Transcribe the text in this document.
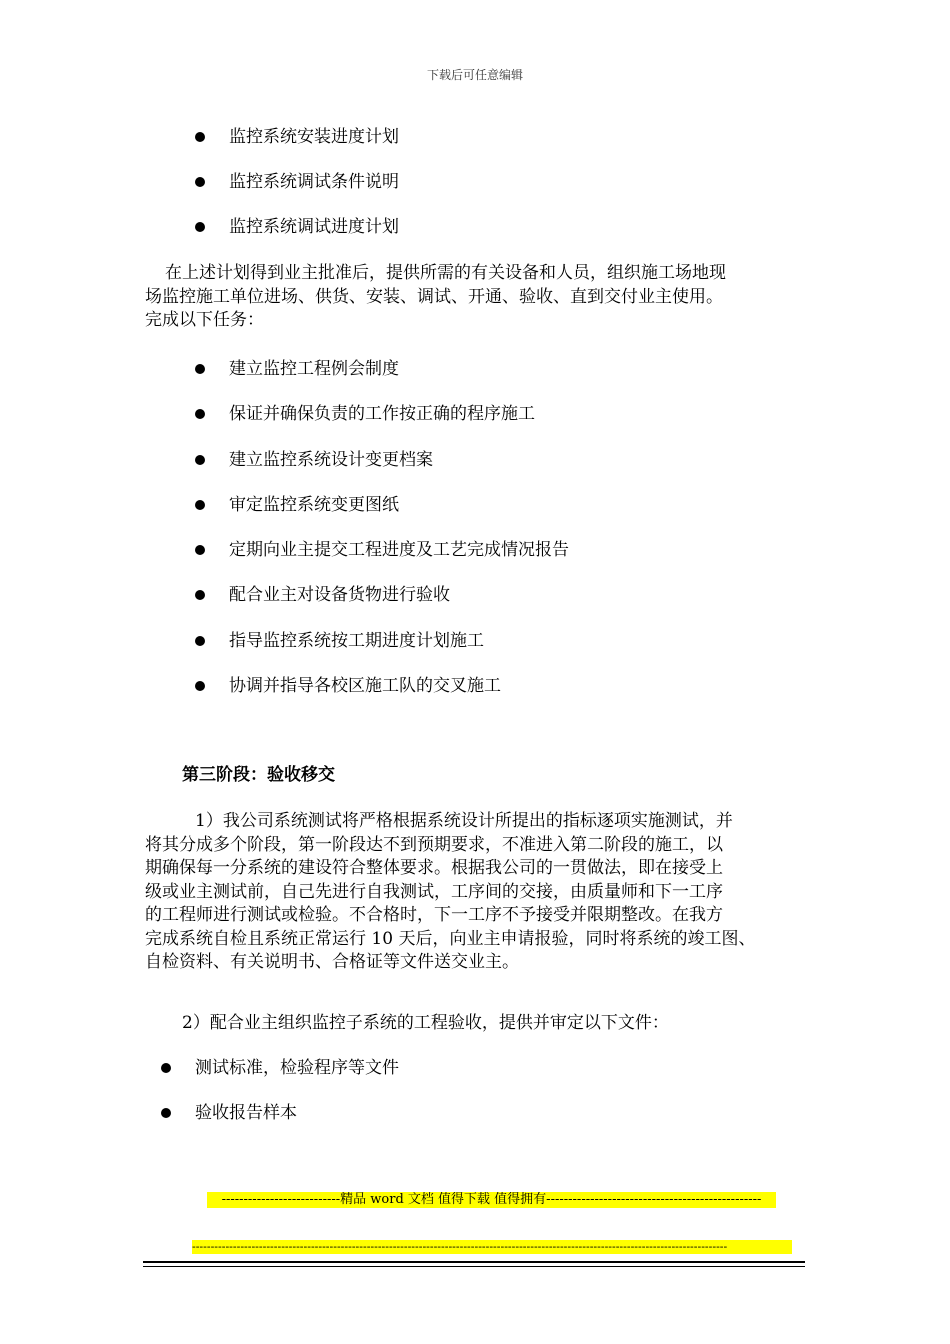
下载后可任意编辑
监控系统安装进度计划
监控系统调试条件说明
监控系统调试进度计划
在上述计划得到业主批准后，提供所需的有关设备和人员，组织施工场地现
场监控施工单位进场、供货、安装、调试、开通、验收、直到交付业主使用。
完成以下任务：
建立监控工程例会制度
保证并确保负责的工作按正确的程序施工
建立监控系统设计变更档案
审定监控系统变更图纸
定期向业主提交工程进度及工艺完成情况报告
配合业主对设备货物进行验收
指导监控系统按工期进度计划施工
协调并指导各校区施工队的交叉施工
第三阶段：验收移交
1）我公司系统测试将严格根据系统设计所提出的指标逐项实施测试，并
将其分成多个阶段，第一阶段达不到预期要求，不准进入第二阶段的施工，以
期确保每一分系统的建设符合整体要求。根据我公司的一贯做法，即在接受上
级或业主测试前，自己先进行自我测试，工序间的交接，由质量师和下一工序
的工程师进行测试或检验。不合格时，下一工序不予接受并限期整改。在我方
完成系统自检且系统正常运行 10 天后，向业主申请报验，同时将系统的竣工图、
自检资料、有关说明书、合格证等文件送交业主。
2）配合业主组织监控子系统的工程验收，提供并审定以下文件：
测试标准，检验程序等文件
验收报告样本
---------------------------精品 word 文档 值得下载 值得拥有-------------------------------------------------
------------------------------------------------------------------------------------------------------------------------------------------------
